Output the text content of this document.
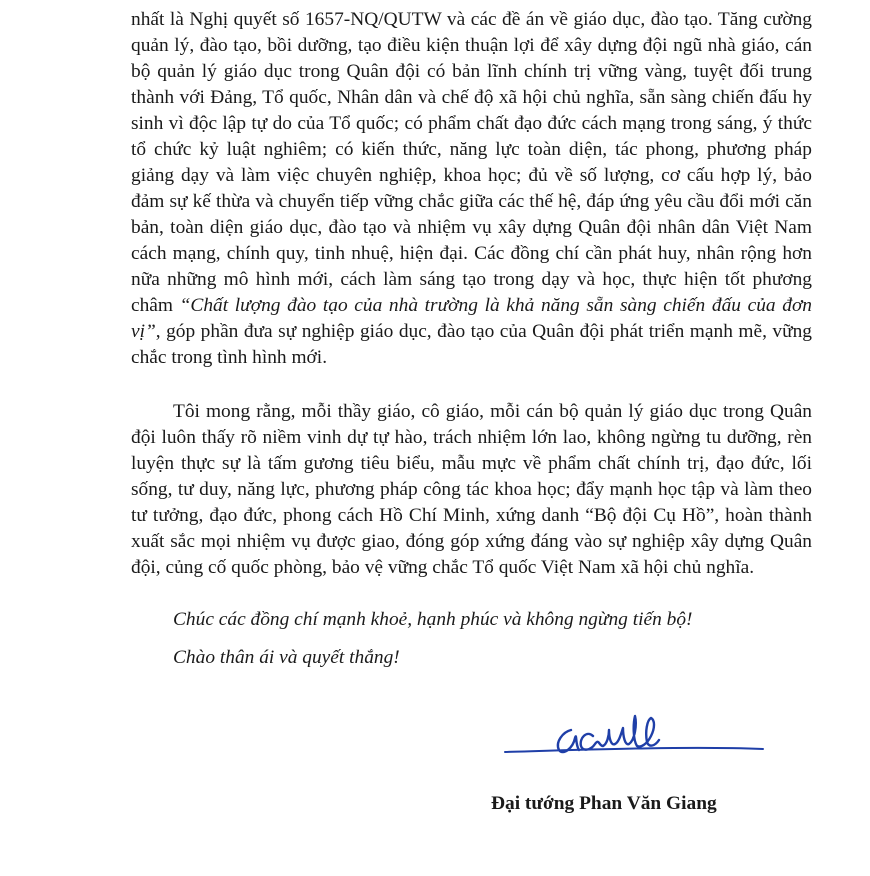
nhất là Nghị quyết số 1657-NQ/QUTW và các đề án về giáo dục, đào tạo. Tăng cường quản lý, đào tạo, bồi dưỡng, tạo điều kiện thuận lợi để xây dựng đội ngũ nhà giáo, cán bộ quản lý giáo dục trong Quân đội có bản lĩnh chính trị vững vàng, tuyệt đối trung thành với Đảng, Tổ quốc, Nhân dân và chế độ xã hội chủ nghĩa, sẵn sàng chiến đấu hy sinh vì độc lập tự do của Tổ quốc; có phẩm chất đạo đức cách mạng trong sáng, ý thức tổ chức kỷ luật nghiêm; có kiến thức, năng lực toàn diện, tác phong, phương pháp giảng dạy và làm việc chuyên nghiệp, khoa học; đủ về số lượng, cơ cấu hợp lý, bảo đảm sự kế thừa và chuyển tiếp vững chắc giữa các thế hệ, đáp ứng yêu cầu đổi mới căn bản, toàn diện giáo dục, đào tạo và nhiệm vụ xây dựng Quân đội nhân dân Việt Nam cách mạng, chính quy, tinh nhuệ, hiện đại. Các đồng chí cần phát huy, nhân rộng hơn nữa những mô hình mới, cách làm sáng tạo trong dạy và học, thực hiện tốt phương châm “Chất lượng đào tạo của nhà trường là khả năng sẵn sàng chiến đấu của đơn vị”, góp phần đưa sự nghiệp giáo dục, đào tạo của Quân đội phát triển mạnh mẽ, vững chắc trong tình hình mới.

Tôi mong rằng, mỗi thầy giáo, cô giáo, mỗi cán bộ quản lý giáo dục trong Quân đội luôn thấy rõ niềm vinh dự tự hào, trách nhiệm lớn lao, không ngừng tu dưỡng, rèn luyện thực sự là tấm gương tiêu biểu, mẫu mực về phẩm chất chính trị, đạo đức, lối sống, tư duy, năng lực, phương pháp công tác khoa học; đẩy mạnh học tập và làm theo tư tưởng, đạo đức, phong cách Hồ Chí Minh, xứng danh “Bộ đội Cụ Hồ”, hoàn thành xuất sắc mọi nhiệm vụ được giao, đóng góp xứng đáng vào sự nghiệp xây dựng Quân đội, củng cố quốc phòng, bảo vệ vững chắc Tổ quốc Việt Nam xã hội chủ nghĩa.

Chúc các đồng chí mạnh khoẻ, hạnh phúc và không ngừng tiến bộ!

Chào thân ái và quyết thắng!

Đại tướng Phan Văn Giang
